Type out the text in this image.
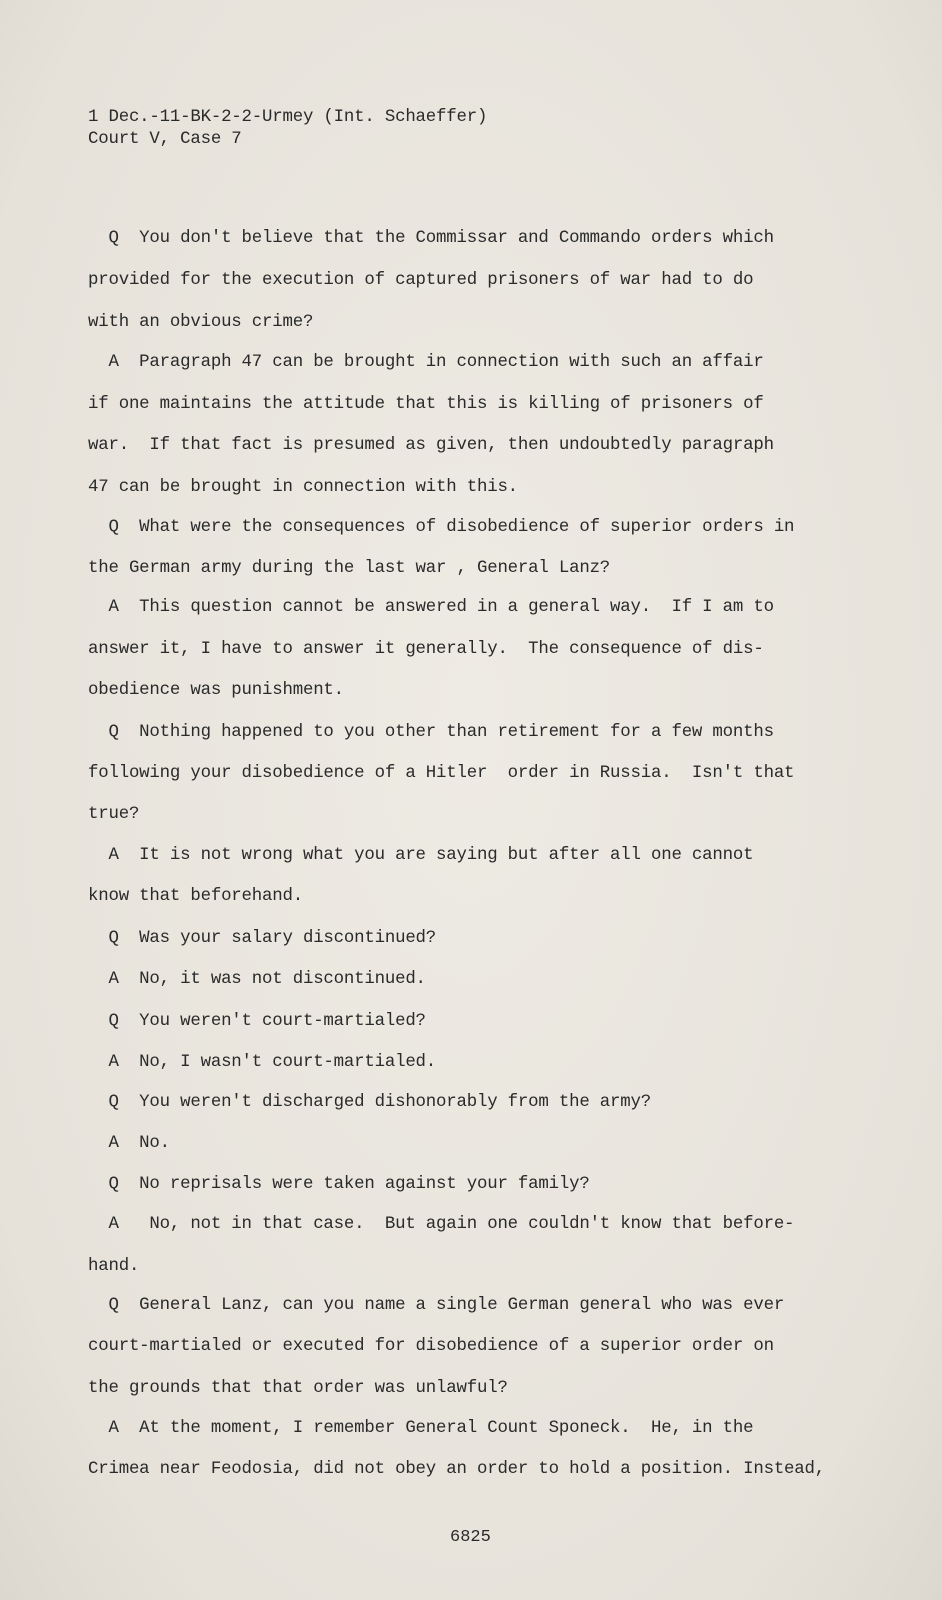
1 Dec.-11-BK-2-2-Urmey (Int. Schaeffer)
Court V, Case 7
Q  You don't believe that the Commissar and Commando orders which
provided for the execution of captured prisoners of war had to do
with an obvious crime?
A  Paragraph 47 can be brought in connection with such an affair
if one maintains the attitude that this is killing of prisoners of
war.  If that fact is presumed as given, then undoubtedly paragraph
47 can be brought in connection with this.
Q  What were the consequences of disobedience of superior orders in
the German army during the last war , General Lanz?
A  This question cannot be answered in a general way.  If I am to
answer it, I have to answer it generally.  The consequence of dis-
obedience was punishment.
Q  Nothing happened to you other than retirement for a few months
following your disobedience of a Hitler  order in Russia.  Isn't that
true?
A  It is not wrong what you are saying but after all one cannot
know that beforehand.
Q  Was your salary discontinued?
A  No, it was not discontinued.
Q  You weren't court-martialed?
A  No, I wasn't court-martialed.
Q  You weren't discharged dishonorably from the army?
A  No.
Q  No reprisals were taken against your family?
A   No, not in that case.  But again one couldn't know that before-
hand.
Q  General Lanz, can you name a single German general who was ever
court-martialed or executed for disobedience of a superior order on
the grounds that that order was unlawful?
A  At the moment, I remember General Count Sponeck.  He, in the
Crimea near Feodosia, did not obey an order to hold a position. Instead,
6825
